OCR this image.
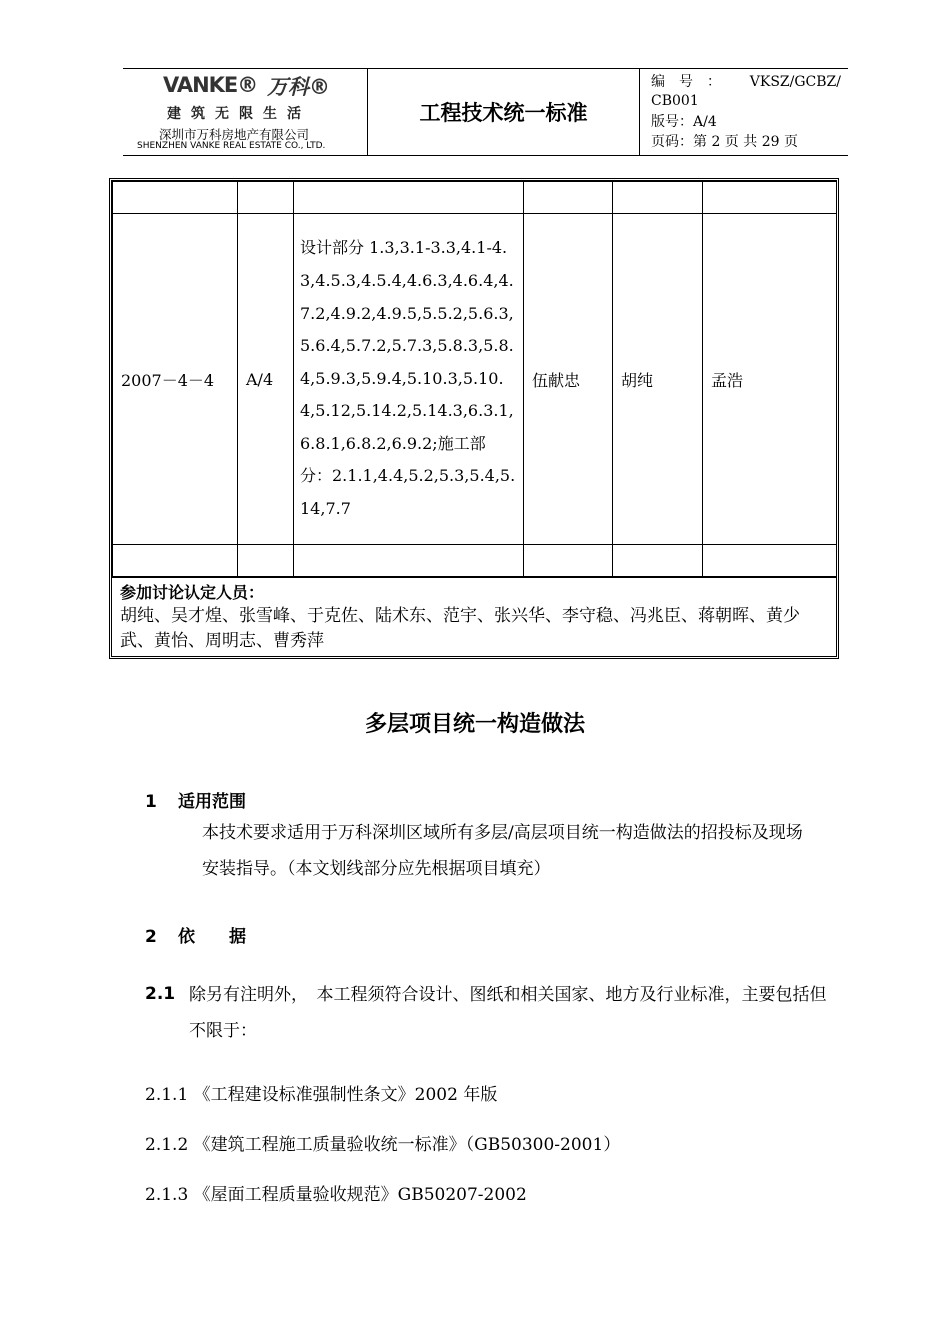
VANKE® 万科®
建筑无限生活
深圳市万科房地产有限公司
SHENZHEN VANKE REAL ESTATE CO., LTD.
工程技术统一标准
编　号　： VKSZ/GCBZ/
CB001
版号：A/4
页码：第 2 页 共 29 页

2007－4－4	A/4	设计部分 1.3,3.1-3.3,4.1-4.3,4.5.3,4.5.4,4.6.3,4.6.4,4.7.2,4.9.2,4.9.5,5.5.2,5.6.3,5.6.4,5.7.2,5.7.3,5.8.3,5.8.4,5.9.3,5.9.4,5.10.3,5.10.4,5.12,5.14.2,5.14.3,6.3.1,6.8.1,6.8.2,6.9.2;施工部分：2.1.1,4.4,5.2,5.3,5.4,5.14,7.7	伍献忠	胡纯	孟浩

参加讨论认定人员：
胡纯、吴才煌、张雪峰、于克佐、陆术东、范宇、张兴华、李守稳、冯兆臣、蒋朝晖、黄少武、黄怡、周明志、曹秀萍
多层项目统一构造做法
1 适用范围
本技术要求适用于万科深圳区域所有多层/高层项目统一构造做法的招投标及现场安装指导。（本文划线部分应先根据项目填充）
2 依　　据
2.1 除另有注明外，　本工程须符合设计、图纸和相关国家、地方及行业标准，主要包括但不限于：
2.1.1 《工程建设标准强制性条文》2002 年版
2.1.2 《建筑工程施工质量验收统一标准》（GB50300-2001）
2.1.3 《屋面工程质量验收规范》GB50207-2002
